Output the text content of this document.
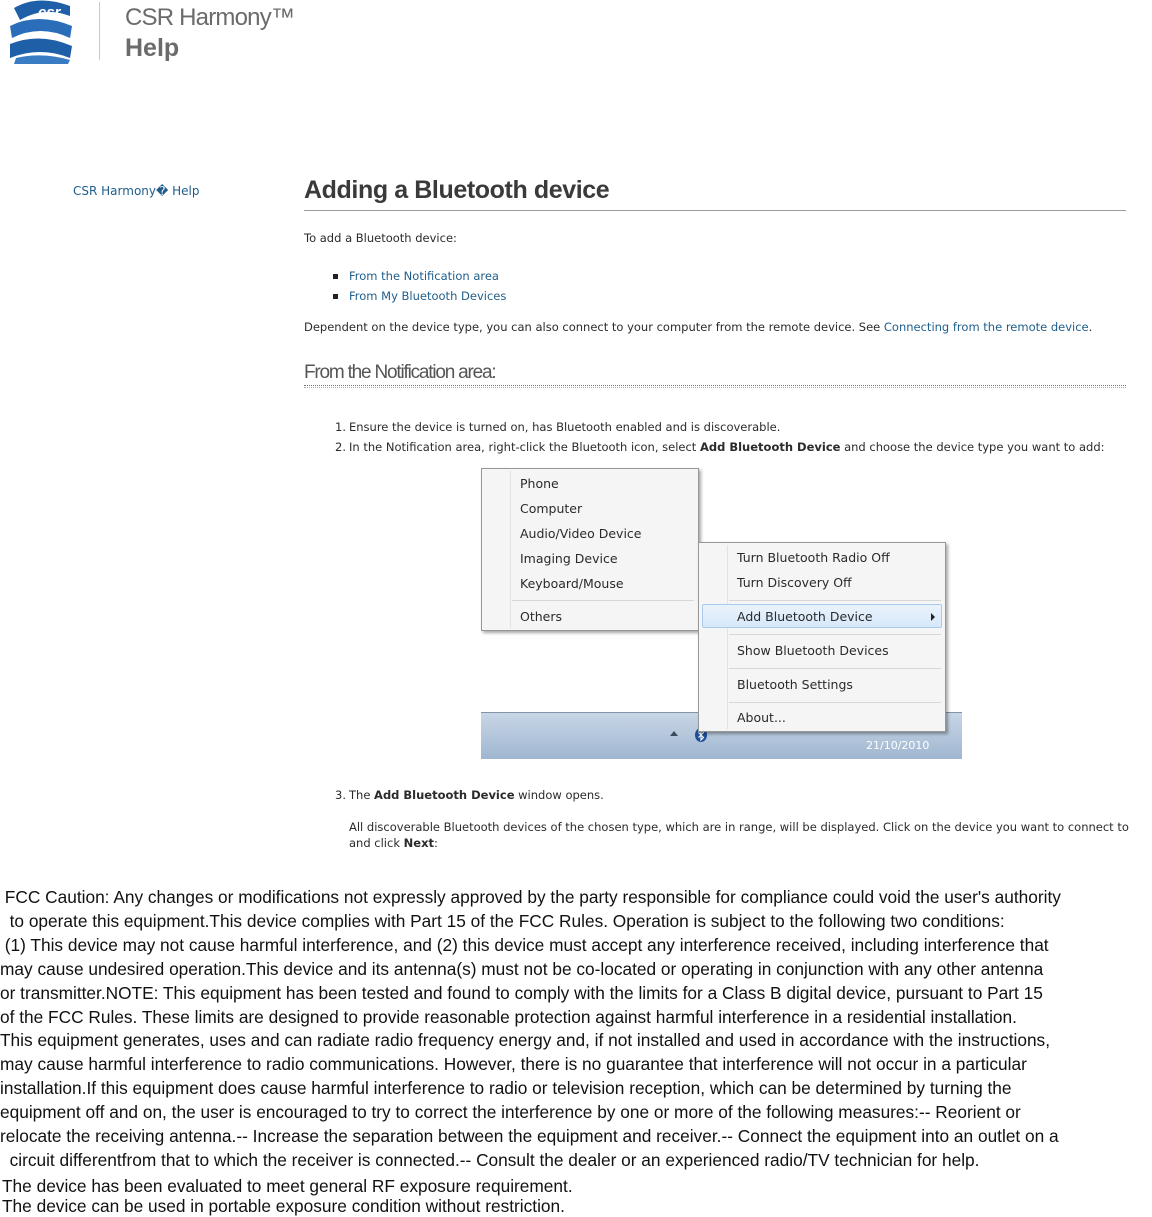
csr	CSR Harmony™
Help
CSR Harmony� Help	Adding a Bluetooth device
To add a Bluetooth device:
From the Notification area
From My Bluetooth Devices
Dependent on the device type, you can also connect to your computer from the remote device. See Connecting from the remote device.
From the Notification area:
1. Ensure the device is turned on, has Bluetooth enabled and is discoverable.
2. In the Notification area, right-click the Bluetooth icon, select Add Bluetooth Device and choose the device type you want to add:
21/10/2010
Phone
Computer
Audio/Video Device
Imaging Device
Keyboard/Mouse
Others
Turn Bluetooth Radio Off
Turn Discovery Off
Add Bluetooth Device
Show Bluetooth Devices
Bluetooth Settings
About...
3. The Add Bluetooth Device window opens.
All discoverable Bluetooth devices of the chosen type, which are in range, will be displayed. Click on the device you want to connect to and click Next:
FCC Caution: Any changes or modifications not expressly approved by the party responsible for compliance could void the user's authority
to operate this equipment.This device complies with Part 15 of the FCC Rules. Operation is subject to the following two conditions:
(1) This device may not cause harmful interference, and (2) this device must accept any interference received, including interference that
may cause undesired operation.This device and its antenna(s) must not be co-located or operating in conjunction with any other antenna
or transmitter.NOTE: This equipment has been tested and found to comply with the limits for a Class B digital device, pursuant to Part 15
of the FCC Rules. These limits are designed to provide reasonable protection against harmful interference in a residential installation.
This equipment generates, uses and can radiate radio frequency energy and, if not installed and used in accordance with the instructions,
may cause harmful interference to radio communications. However, there is no guarantee that interference will not occur in a particular
installation.If this equipment does cause harmful interference to radio or television reception, which can be determined by turning the
equipment off and on, the user is encouraged to try to correct the interference by one or more of the following measures:-- Reorient or
relocate the receiving antenna.-- Increase the separation between the equipment and receiver.-- Connect the equipment into an outlet on a
circuit differentfrom that to which the receiver is connected.-- Consult the dealer or an experienced radio/TV technician for help.
The device has been evaluated to meet general RF exposure requirement.
The device can be used in portable exposure condition without restriction.
